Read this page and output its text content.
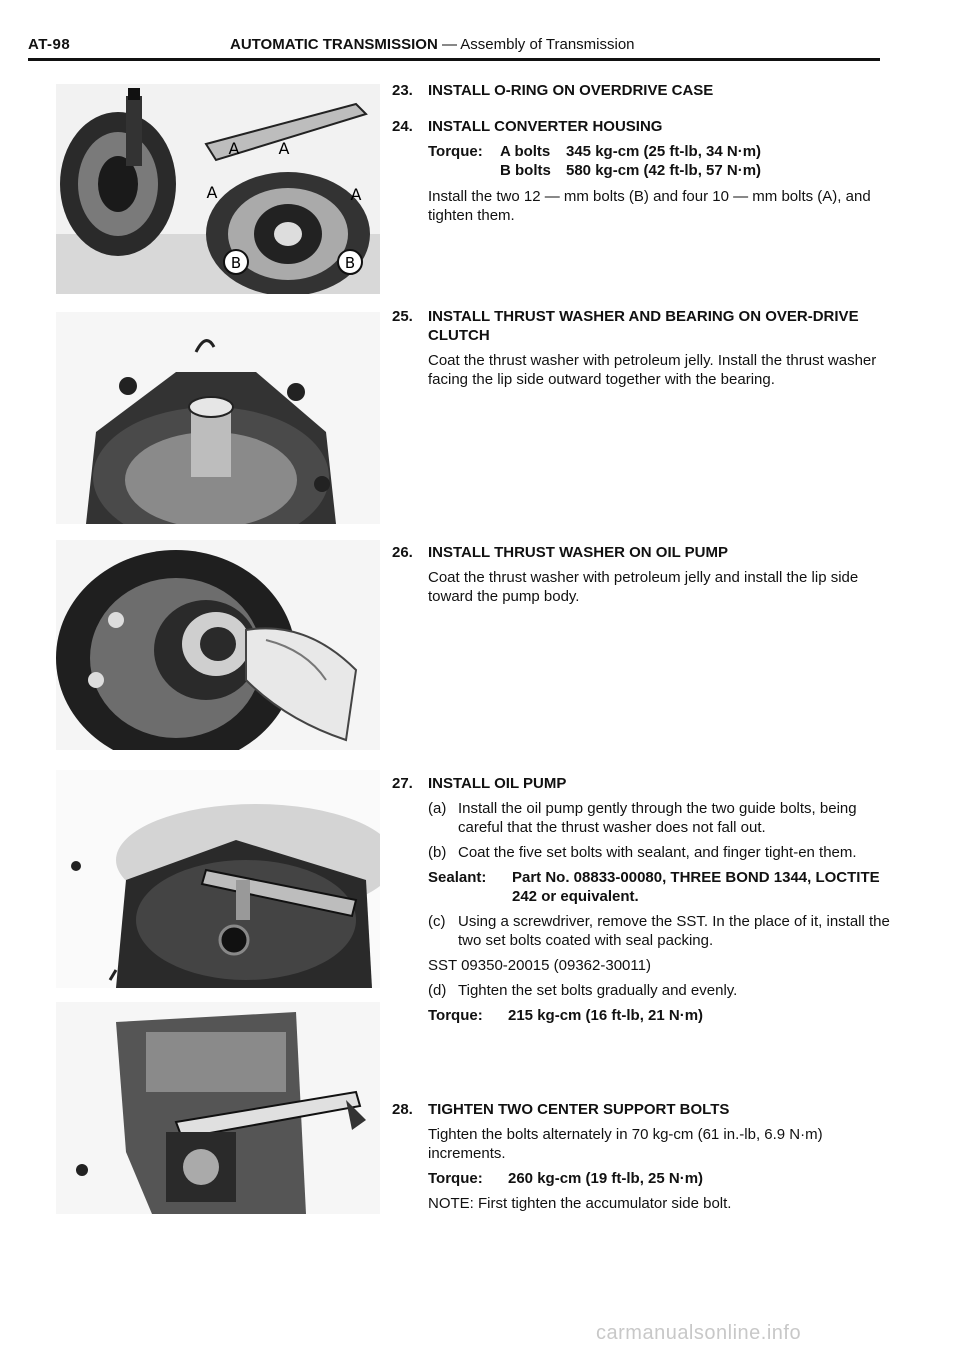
AT-98	AUTOMATIC TRANSMISSION — Assembly of Transmission
B	B
A A
A	A
23.	INSTALL O-RING ON OVERDRIVE CASE
24.	INSTALL CONVERTER HOUSING
Torque:	A bolts	345 kg-cm (25 ft-lb, 34 N·m)
B bolts	580 kg-cm (42 ft-lb, 57 N·m)
Install the two 12 — mm bolts (B) and four 10 — mm bolts (A), and tighten them.
25.	INSTALL THRUST WASHER AND BEARING ON OVER-DRIVE CLUTCH
Coat the thrust washer with petroleum jelly. Install the thrust washer facing the lip side outward together with the bearing.
26.	INSTALL THRUST WASHER ON OIL PUMP
Coat the thrust washer with petroleum jelly and install the lip side toward the pump body.
27.	INSTALL OIL PUMP
(a) Install the oil pump gently through the two guide bolts, being careful that the thrust washer does not fall out.
(b) Coat the five set bolts with sealant, and finger tight-en them.
Sealant:	Part No. 08833-00080, THREE BOND 1344, LOCTITE 242 or equivalent.
(c) Using a screwdriver, remove the SST. In the place of it, install the two set bolts coated with seal packing.
SST 09350-20015 (09362-30011)
(d) Tighten the set bolts gradually and evenly.
Torque:	215 kg-cm (16 ft-lb, 21 N·m)
28.	TIGHTEN TWO CENTER SUPPORT BOLTS
Tighten the bolts alternately in 70 kg-cm (61 in.-lb, 6.9 N·m) increments.
Torque:	260 kg-cm (19 ft-lb, 25 N·m)
NOTE: First tighten the accumulator side bolt.
carmanualsonline.info
